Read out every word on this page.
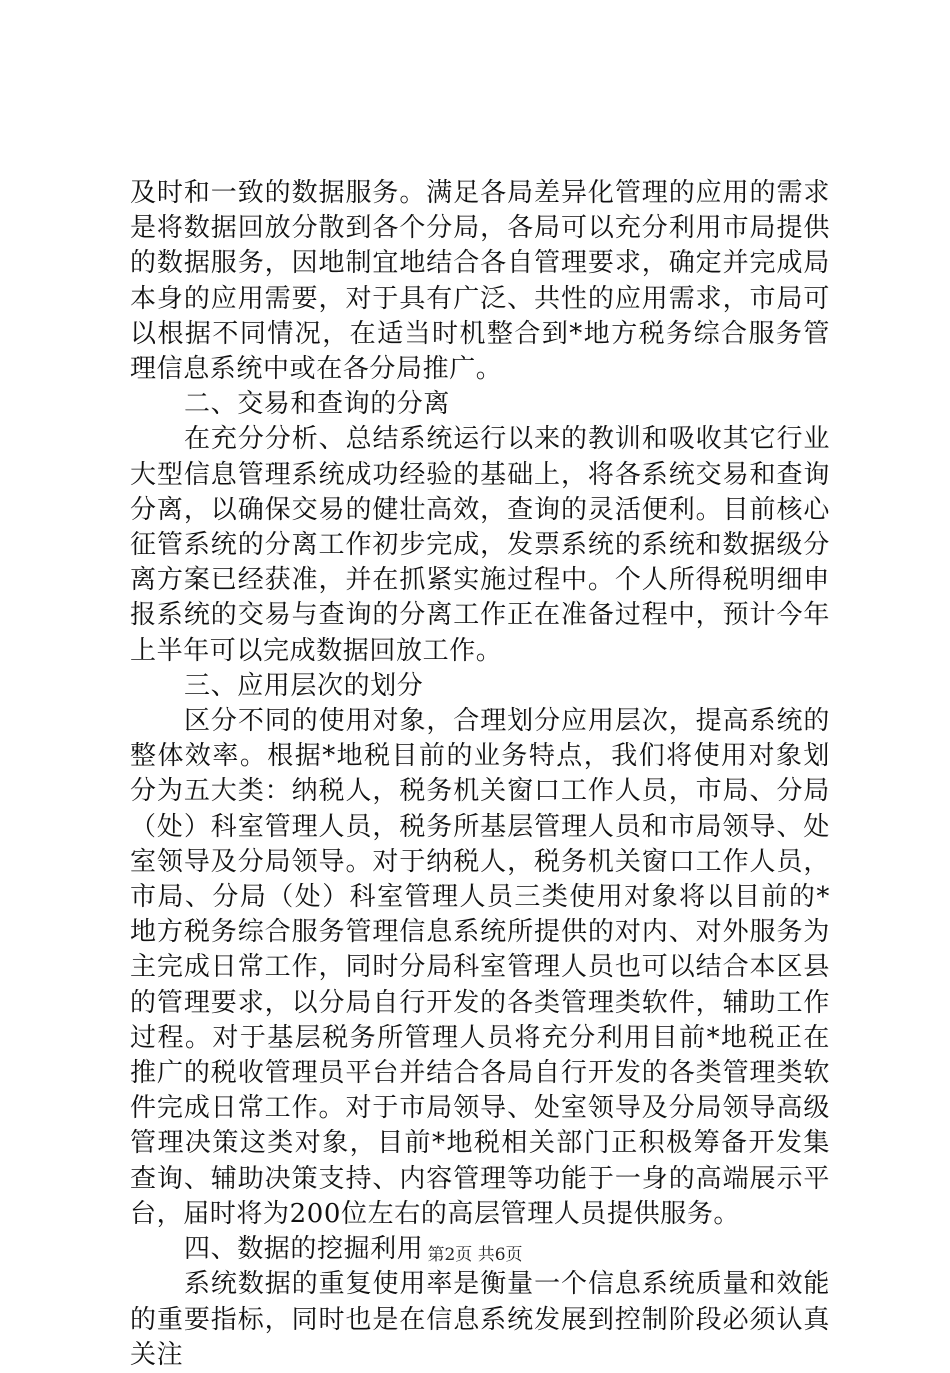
及时和一致的数据服务。满足各局差异化管理的应用的需求是将数据回放分散到各个分局，各局可以充分利用市局提供的数据服务，因地制宜地结合各自管理要求，确定并完成局本身的应用需要，对于具有广泛、共性的应用需求，市局可以根据不同情况，在适当时机整合到*地方税务综合服务管理信息系统中或在各分局推广。

二、交易和查询的分离

在充分分析、总结系统运行以来的教训和吸收其它行业大型信息管理系统成功经验的基础上，将各系统交易和查询分离，以确保交易的健壮高效，查询的灵活便利。目前核心征管系统的分离工作初步完成，发票系统的系统和数据级分离方案已经获准，并在抓紧实施过程中。个人所得税明细申报系统的交易与查询的分离工作正在准备过程中，预计今年上半年可以完成数据回放工作。

三、应用层次的划分

区分不同的使用对象，合理划分应用层次，提高系统的整体效率。根据*地税目前的业务特点，我们将使用对象划分为五大类：纳税人，税务机关窗口工作人员，市局、分局（处）科室管理人员，税务所基层管理人员和市局领导、处室领导及分局领导。对于纳税人，税务机关窗口工作人员，市局、分局（处）科室管理人员三类使用对象将以目前的*地方税务综合服务管理信息系统所提供的对内、对外服务为主完成日常工作，同时分局科室管理人员也可以结合本区县的管理要求，以分局自行开发的各类管理类软件，辅助工作过程。对于基层税务所管理人员将充分利用目前*地税正在推广的税收管理员平台并结合各局自行开发的各类管理类软件完成日常工作。对于市局领导、处室领导及分局领导高级管理决策这类对象，目前*地税相关部门正积极筹备开发集查询、辅助决策支持、内容管理等功能于一身的高端展示平台，届时将为200位左右的高层管理人员提供服务。

四、数据的挖掘利用

系统数据的重复使用率是衡量一个信息系统质量和效能的重要指标，同时也是在信息系统发展到控制阶段必须认真关注

第2页 共6页
